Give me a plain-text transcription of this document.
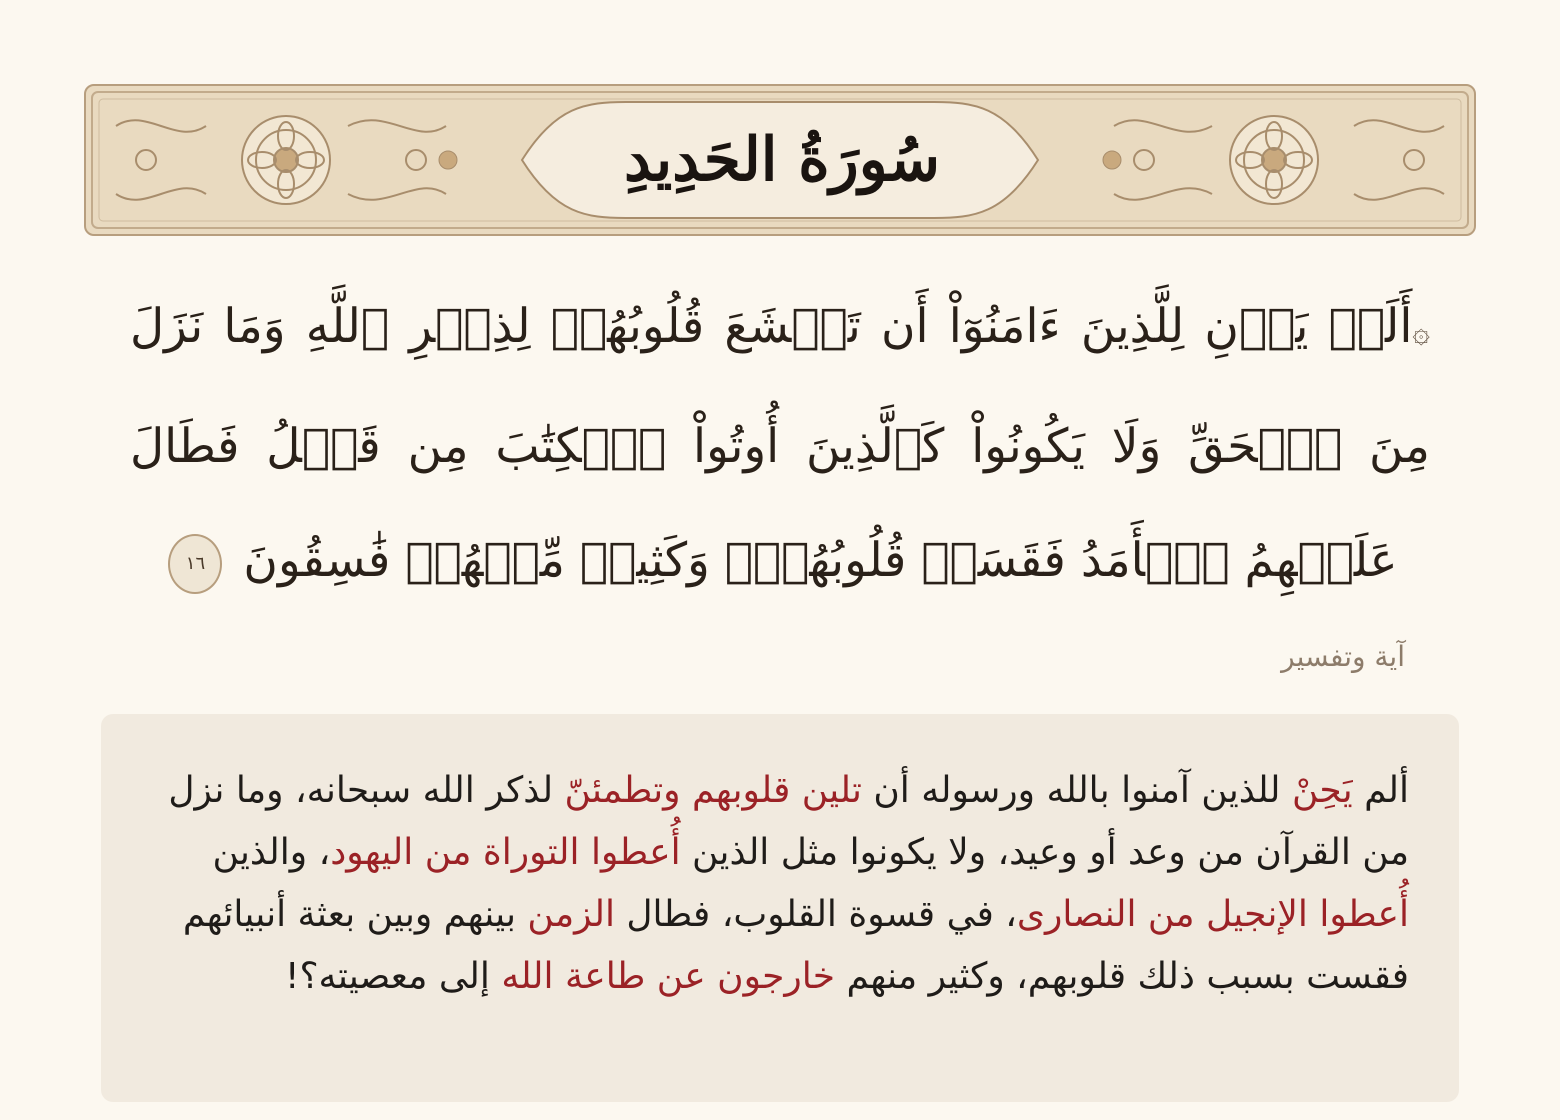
سُورَةُ الحَدِيدِ
۞أَلَمۡ يَأۡنِ لِلَّذِينَ ءَامَنُوٓاْ أَن تَخۡشَعَ قُلُوبُهُمۡ لِذِكۡرِ ٱللَّهِ وَمَا نَزَلَ مِنَ ٱلۡحَقِّ وَلَا يَكُونُواْ كَٱلَّذِينَ أُوتُواْ ٱلۡكِتَٰبَ مِن قَبۡلُ فَطَالَ عَلَيۡهِمُ ٱلۡأَمَدُ فَقَسَتۡ قُلُوبُهُمۡۖ وَكَثِيرٞ مِّنۡهُمۡ فَٰسِقُونَ ١٦
آية وتفسير

ألم يَحِنْ للذين آمنوا بالله ورسوله أن تلين قلوبهم وتطمئنّ لذكر الله سبحانه، وما نزل من القرآن من وعد أو وعيد، ولا يكونوا مثل الذين أُعطوا التوراة من اليهود، والذين أُعطوا الإنجيل من النصارى، في قسوة القلوب، فطال الزمن بينهم وبين بعثة أنبيائهم فقست بسبب ذلك قلوبهم، وكثير منهم خارجون عن طاعة الله إلى معصيته؟!
